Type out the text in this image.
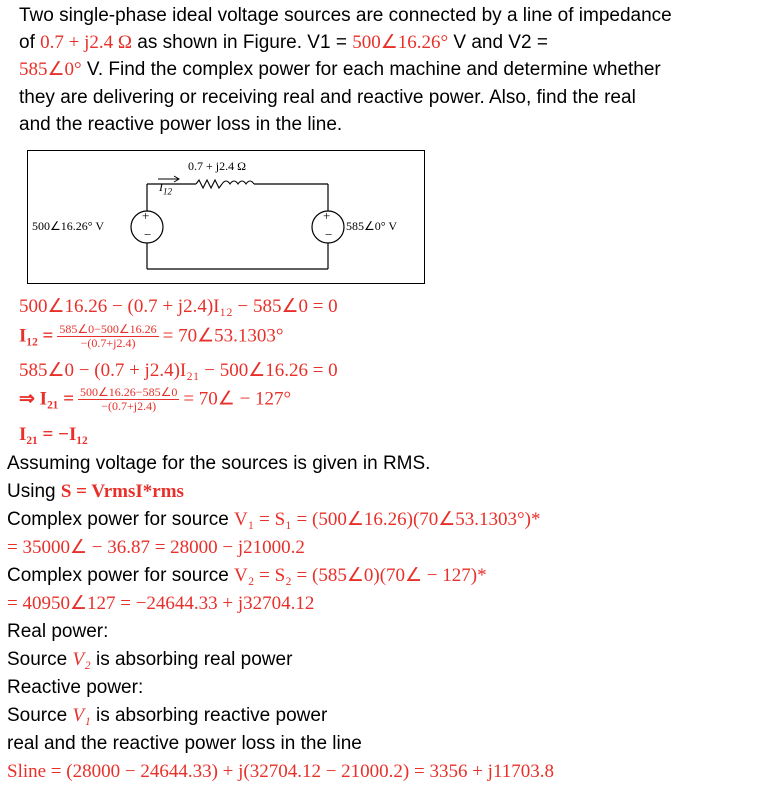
Two single-phase ideal voltage sources are connected by a line of impedance
of 0.7 + j2.4 Ω as shown in Figure. V1 = 500∠16.26° V and V2 =
585∠0° V. Find the complex power for each machine and determine whether
they are delivering or receiving real and reactive power. Also, find the real
and the reactive power loss in the line.
+
−
+
−
0.7 + j2.4 Ω
$I_{12}$
500∠16.26° V	585∠0° V
500∠16.26 − (0.7 + j2.4)I₁₂ − 585∠0 = 0
$I_{12} = \frac{585\angle 0-500\angle 16.26}{-(0.7+j2.4)}$ = 70∠53.1303°
585∠0 − (0.7 + j2.4)I₂₁ − 500∠16.26 = 0
⇒ $I_{21} = \frac{500\angle 16.26-585\angle 0}{-(0.7+j2.4)}$ = 70∠ − 127°
I₂₁ = −I₁₂
Assuming voltage for the sources is given in RMS.
Using S = VrmsI*rms
Complex power for source V₁ = S₁ = (500∠16.26)(70∠53.1303°)*
= 35000∠ − 36.87 = 28000 − j21000.2
Complex power for source V₂ = S₂ = (585∠0)(70∠ − 127)*
= 40950∠127 = −24644.33 + j32704.12
Real power:
Source V₂ is absorbing real power
Reactive power:
Source V₁ is absorbing reactive power
real and the reactive power loss in the line
Sline = (28000 − 24644.33) + j(32704.12 − 21000.2) = 3356 + j11703.8
